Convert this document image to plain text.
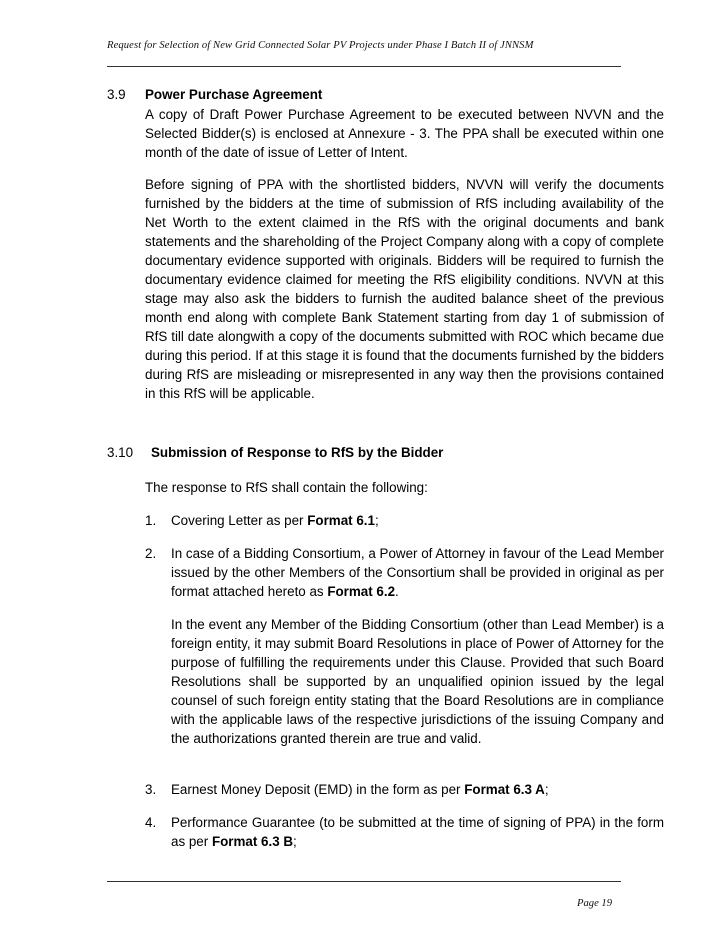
Request for Selection of New Grid Connected Solar PV Projects under Phase I Batch II of JNNSM
3.9 Power Purchase Agreement
A copy of Draft Power Purchase Agreement to be executed between NVVN and the Selected Bidder(s) is enclosed at Annexure - 3. The PPA shall be executed within one month of the date of issue of Letter of Intent.
Before signing of PPA with the shortlisted bidders, NVVN will verify the documents furnished by the bidders at the time of submission of RfS including availability of the Net Worth to the extent claimed in the RfS with the original documents and bank statements and the shareholding of the Project Company along with a copy of complete documentary evidence supported with originals. Bidders will be required to furnish the documentary evidence claimed for meeting the RfS eligibility conditions. NVVN at this stage may also ask the bidders to furnish the audited balance sheet of the previous month end along with complete Bank Statement starting from day 1 of submission of RfS till date alongwith a copy of the documents submitted with ROC which became due during this period. If at this stage it is found that the documents furnished by the bidders during RfS are misleading or misrepresented in any way then the provisions contained in this RfS will be applicable.
3.10 Submission of Response to RfS by the Bidder
The response to RfS shall contain the following:
1. Covering Letter as per Format 6.1;
2. In case of a Bidding Consortium, a Power of Attorney in favour of the Lead Member issued by the other Members of the Consortium shall be provided in original as per format attached hereto as Format 6.2.
In the event any Member of the Bidding Consortium (other than Lead Member) is a foreign entity, it may submit Board Resolutions in place of Power of Attorney for the purpose of fulfilling the requirements under this Clause. Provided that such Board Resolutions shall be supported by an unqualified opinion issued by the legal counsel of such foreign entity stating that the Board Resolutions are in compliance with the applicable laws of the respective jurisdictions of the issuing Company and the authorizations granted therein are true and valid.
3. Earnest Money Deposit (EMD) in the form as per Format 6.3 A;
4. Performance Guarantee (to be submitted at the time of signing of PPA) in the form as per Format 6.3 B;
Page 19
